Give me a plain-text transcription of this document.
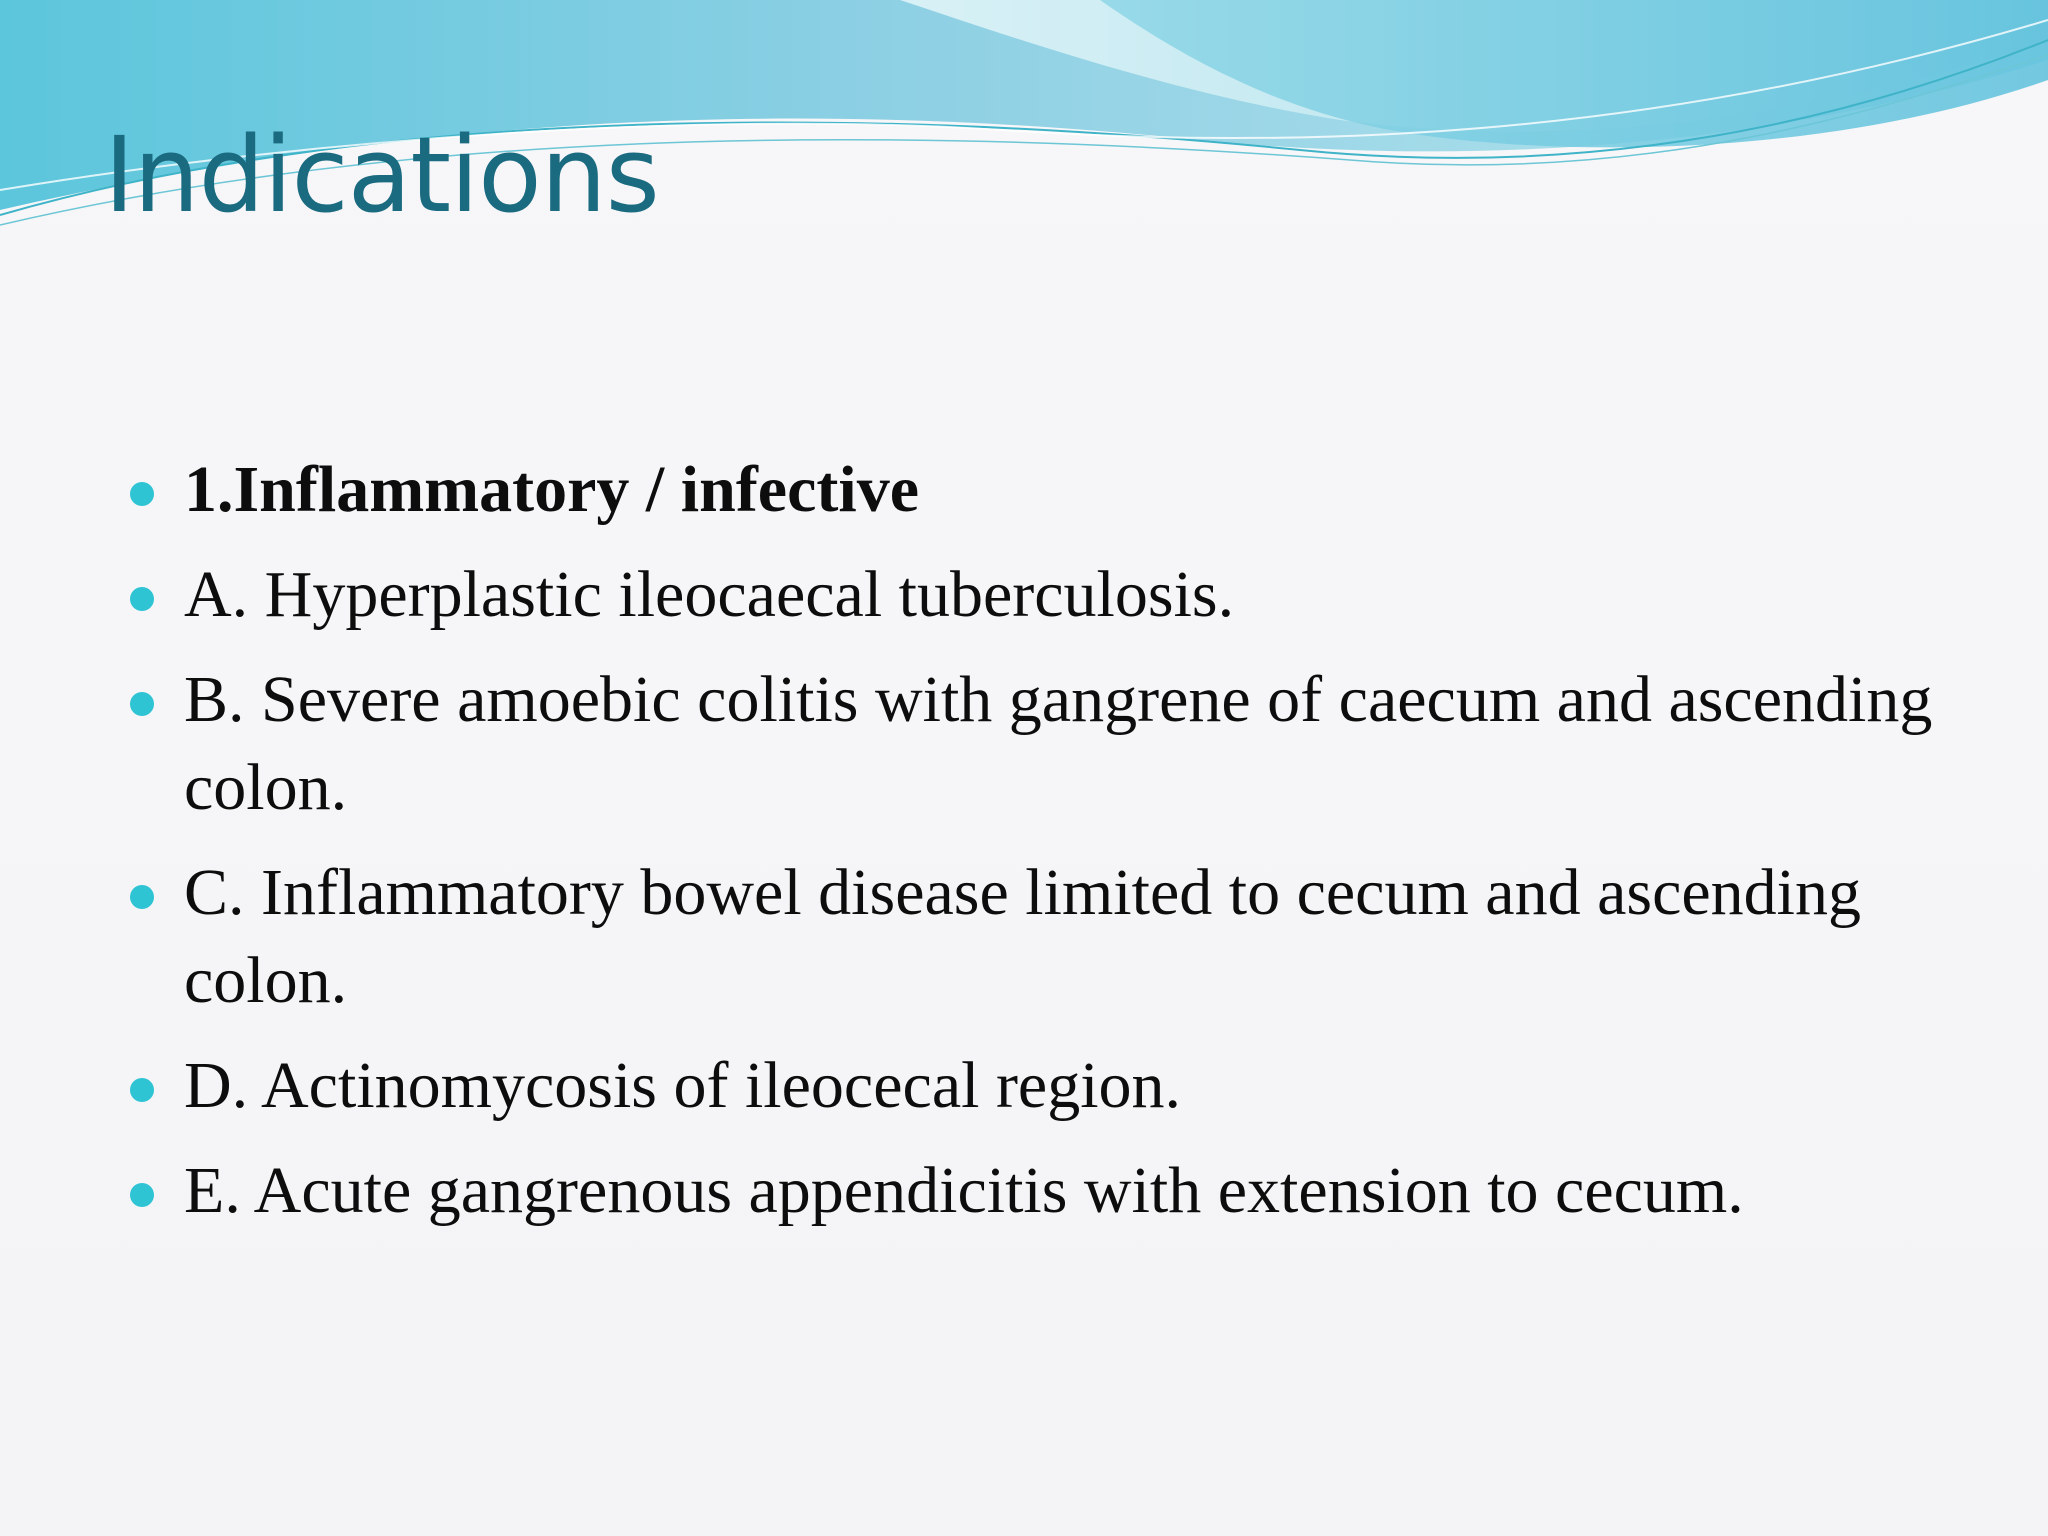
Indications
1.Inflammatory / infective
A. Hyperplastic ileocaecal tuberculosis.
B. Severe amoebic colitis with gangrene of caecum and ascending colon.
C. Inflammatory bowel disease limited to cecum and ascending colon.
D. Actinomycosis of ileocecal region.
E. Acute gangrenous appendicitis with extension to cecum.
